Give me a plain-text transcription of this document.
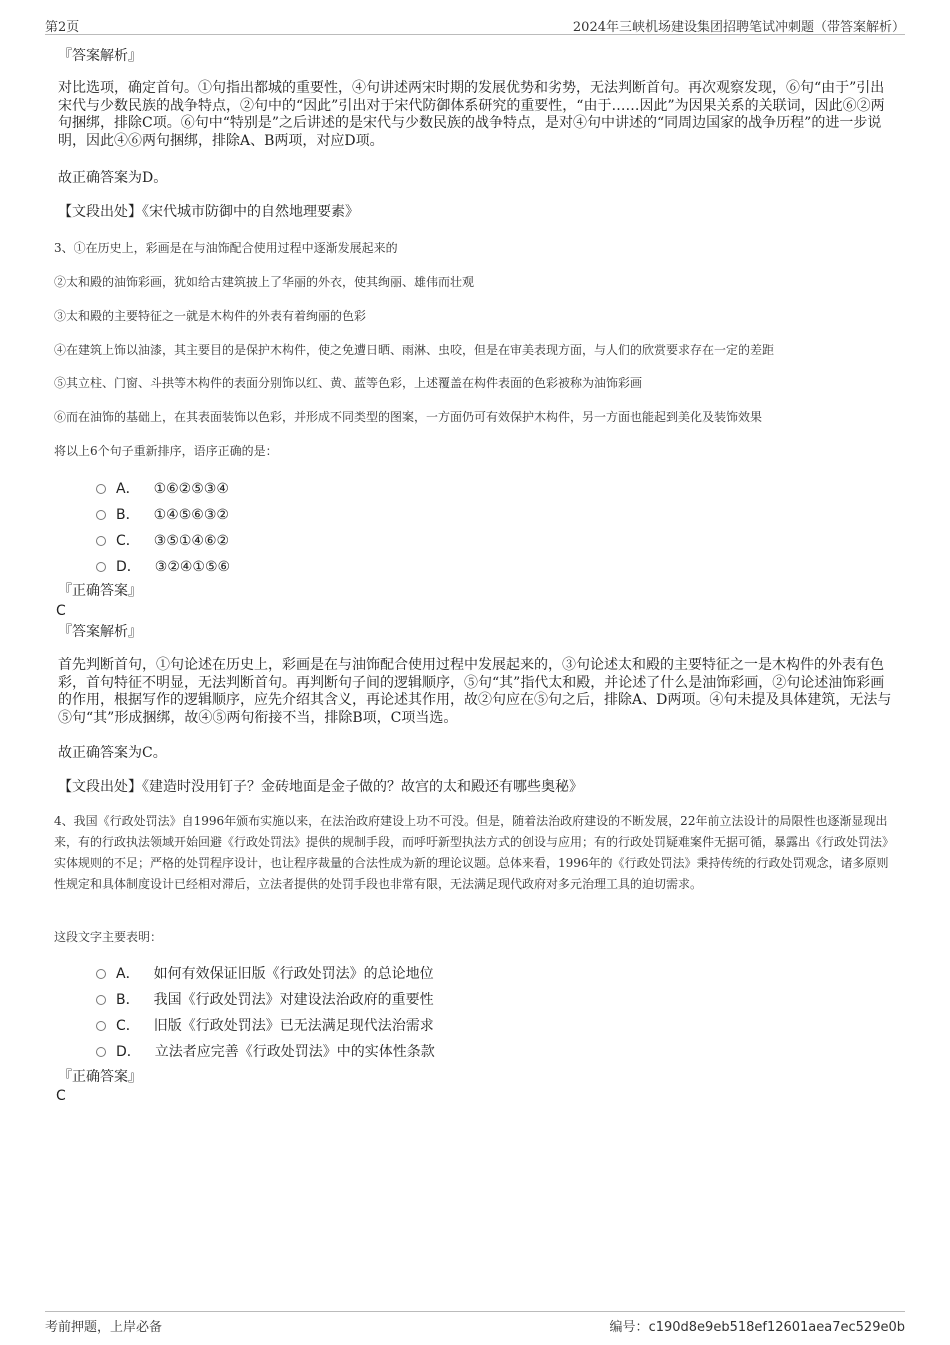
第2页	2024年三峡机场建设集团招聘笔试冲刺题（带答案解析）
『答案解析』
对比选项，确定首句。①句指出都城的重要性，④句讲述两宋时期的发展优势和劣势，无法判断首句。再次观察发现，⑥句“由于”引出宋代与少数民族的战争特点，②句中的“因此”引出对于宋代防御体系研究的重要性，“由于……因此”为因果关系的关联词，因此⑥②两句捆绑，排除C项。⑥句中“特别是”之后讲述的是宋代与少数民族的战争特点，是对④句中讲述的“同周边国家的战争历程”的进一步说明，因此④⑥两句捆绑，排除A、B两项，对应D项。
故正确答案为D。
【文段出处】《宋代城市防御中的自然地理要素》
3、①在历史上，彩画是在与油饰配合使用过程中逐渐发展起来的
②太和殿的油饰彩画，犹如给古建筑披上了华丽的外衣，使其绚丽、雄伟而壮观
③太和殿的主要特征之一就是木构件的外表有着绚丽的色彩
④在建筑上饰以油漆，其主要目的是保护木构件，使之免遭日晒、雨淋、虫咬，但是在审美表现方面，与人们的欣赏要求存在一定的差距
⑤其立柱、门窗、斗拱等木构件的表面分别饰以红、黄、蓝等色彩，上述覆盖在构件表面的色彩被称为油饰彩画
⑥而在油饰的基础上，在其表面装饰以色彩，并形成不同类型的图案，一方面仍可有效保护木构件，另一方面也能起到美化及装饰效果
将以上6个句子重新排序，语序正确的是：
A． ①⑥②⑤③④
B． ①④⑤⑥③②
C． ③⑤①④⑥②
D． ③②④①⑤⑥
『正确答案』
C
『答案解析』
首先判断首句，①句论述在历史上，彩画是在与油饰配合使用过程中发展起来的，③句论述太和殿的主要特征之一是木构件的外表有色彩，首句特征不明显，无法判断首句。再判断句子间的逻辑顺序，⑤句“其”指代太和殿，并论述了什么是油饰彩画，②句论述油饰彩画的作用，根据写作的逻辑顺序，应先介绍其含义，再论述其作用，故②句应在⑤句之后，排除A、D两项。④句未提及具体建筑，无法与⑤句“其”形成捆绑，故④⑤两句衔接不当，排除B项，C项当选。
故正确答案为C。
【文段出处】《建造时没用钉子？金砖地面是金子做的？故宫的太和殿还有哪些奥秘》
4、我国《行政处罚法》自1996年颁布实施以来，在法治政府建设上功不可没。但是，随着法治政府建设的不断发展，22年前立法设计的局限性也逐渐显现出来，有的行政执法领域开始回避《行政处罚法》提供的规制手段，而呼吁新型执法方式的创设与应用；有的行政处罚疑难案件无据可循，暴露出《行政处罚法》实体规则的不足；严格的处罚程序设计，也让程序裁量的合法性成为新的理论议题。总体来看，1996年的《行政处罚法》秉持传统的行政处罚观念，诸多原则性规定和具体制度设计已经相对滞后，立法者提供的处罚手段也非常有限，无法满足现代政府对多元治理工具的迫切需求。
这段文字主要表明：
A． 如何有效保证旧版《行政处罚法》的总论地位
B． 我国《行政处罚法》对建设法治政府的重要性
C． 旧版《行政处罚法》已无法满足现代法治需求
D． 立法者应完善《行政处罚法》中的实体性条款
『正确答案』
C
考前押题，上岸必备	编号：c190d8e9eb518ef12601aea7ec529e0b
